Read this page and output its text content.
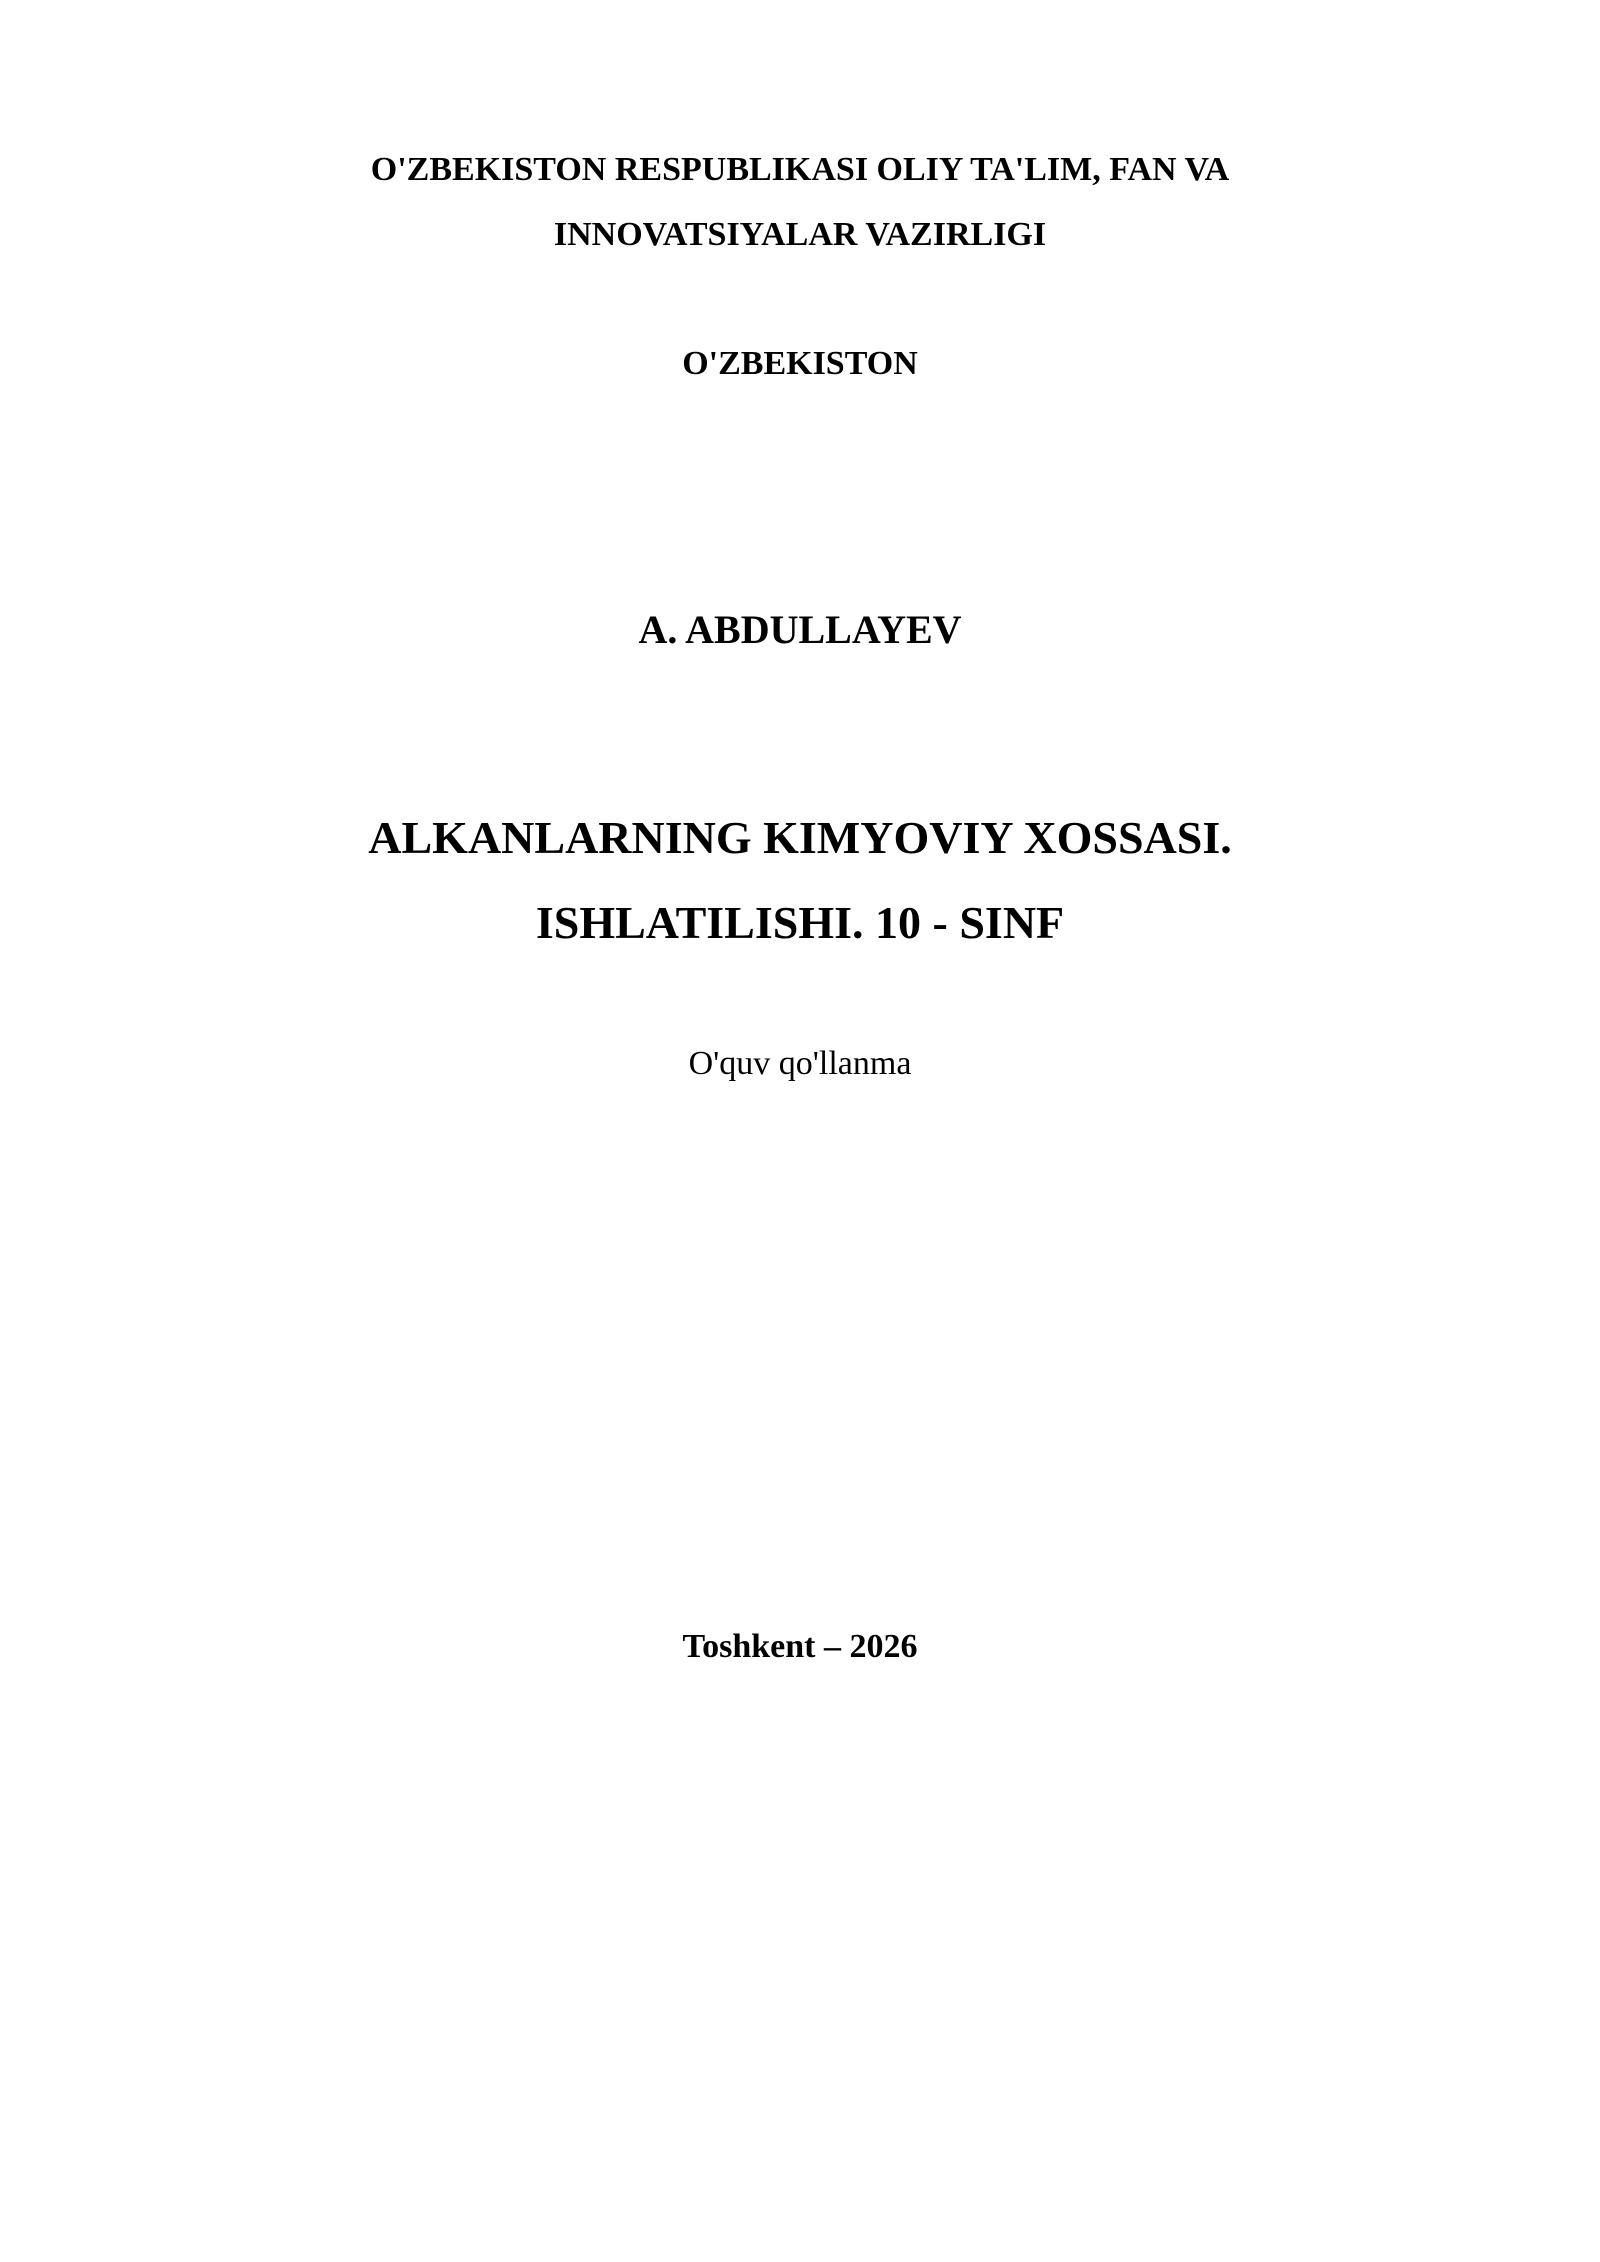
O'ZBEKISTON RESPUBLIKASI OLIY TA'LIM, FAN VA

INNOVATSIYALAR VAZIRLIGI

O'ZBEKISTON

A. ABDULLAYEV

ALKANLARNING KIMYOVIY XOSSASI.

ISHLATILISHI. 10 - SINF

O'quv qo'llanma

Toshkent – 2026
